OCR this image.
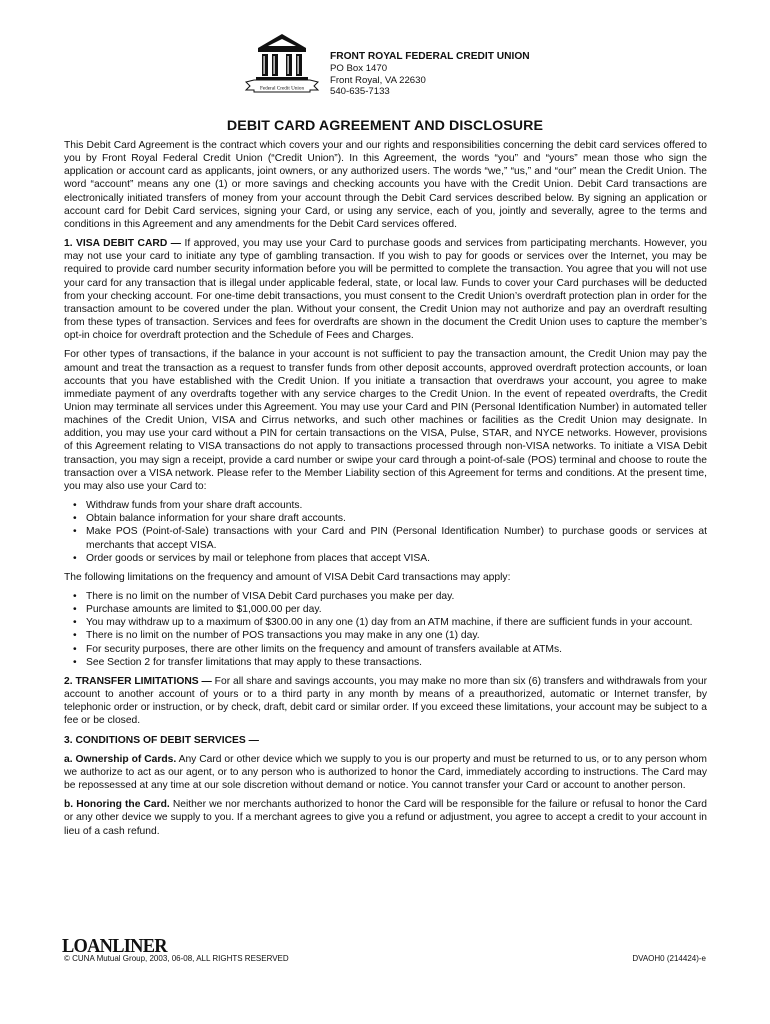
Federal Credit Union
FRONT ROYAL FEDERAL CREDIT UNION
PO Box 1470
Front Royal, VA 22630
540-635-7133
DEBIT CARD AGREEMENT AND DISCLOSURE

This Debit Card Agreement is the contract which covers your and our rights and responsibilities concerning the debit card services offered to you by Front Royal Federal Credit Union (“Credit Union”). In this Agreement, the words “you” and “yours” mean those who sign the application or account card as applicants, joint owners, or any authorized users. The words “we,” “us,” and “our” mean the Credit Union. The word “account” means any one (1) or more savings and checking accounts you have with the Credit Union. Debit Card transactions are electronically initiated transfers of money from your account through the Debit Card services described below. By signing an application or account card for Debit Card services, signing your Card, or using any service, each of you, jointly and severally, agree to the terms and conditions in this Agreement and any amendments for the Debit Card services offered.

1. VISA DEBIT CARD — If approved, you may use your Card to purchase goods and services from participating merchants. However, you may not use your card to initiate any type of gambling transaction. If you wish to pay for goods or services over the Internet, you may be required to provide card number security information before you will be permitted to complete the transaction. You agree that you will not use your card for any transaction that is illegal under applicable federal, state, or local law. Funds to cover your Card purchases will be deducted from your checking account. For one-time debit transactions, you must consent to the Credit Union’s overdraft protection plan in order for the transaction amount to be covered under the plan. Without your consent, the Credit Union may not authorize and pay an overdraft resulting from these types of transaction. Services and fees for overdrafts are shown in the document the Credit Union uses to capture the member’s opt-in choice for overdraft protection and the Schedule of Fees and Charges.

For other types of transactions, if the balance in your account is not sufficient to pay the transaction amount, the Credit Union may pay the amount and treat the transaction as a request to transfer funds from other deposit accounts, approved overdraft protection accounts, or loan accounts that you have established with the Credit Union. If you initiate a transaction that overdraws your account, you agree to make immediate payment of any overdrafts together with any service charges to the Credit Union. In the event of repeated overdrafts, the Credit Union may terminate all services under this Agreement. You may use your Card and PIN (Personal Identification Number) in automated teller machines of the Credit Union, VISA and Cirrus networks, and such other machines or facilities as the Credit Union may designate. In addition, you may use your card without a PIN for certain transactions on the VISA, Pulse, STAR, and NYCE networks. However, provisions of this Agreement relating to VISA transactions do not apply to transactions processed through non-VISA networks. To initiate a VISA Debit transaction, you may sign a receipt, provide a card number or swipe your card through a point-of-sale (POS) terminal and choose to route the transaction over a VISA network. Please refer to the Member Liability section of this Agreement for terms and conditions. At the present time, you may also use your Card to:

• Withdraw funds from your share draft accounts.
• Obtain balance information for your share draft accounts.
• Make POS (Point-of-Sale) transactions with your Card and PIN (Personal Identification Number) to purchase goods or services at merchants that accept VISA.
• Order goods or services by mail or telephone from places that accept VISA.

The following limitations on the frequency and amount of VISA Debit Card transactions may apply:

• There is no limit on the number of VISA Debit Card purchases you make per day.
• Purchase amounts are limited to $1,000.00 per day.
• You may withdraw up to a maximum of $300.00 in any one (1) day from an ATM machine, if there are sufficient funds in your account.
• There is no limit on the number of POS transactions you may make in any one (1) day.
• For security purposes, there are other limits on the frequency and amount of transfers available at ATMs.
• See Section 2 for transfer limitations that may apply to these transactions.

2. TRANSFER LIMITATIONS — For all share and savings accounts, you may make no more than six (6) transfers and withdrawals from your account to another account of yours or to a third party in any month by means of a preauthorized, automatic or Internet transfer, by telephonic order or instruction, or by check, draft, debit card or similar order. If you exceed these limitations, your account may be subject to a fee or be closed.

3. CONDITIONS OF DEBIT SERVICES —

a. Ownership of Cards. Any Card or other device which we supply to you is our property and must be returned to us, or to any person whom we authorize to act as our agent, or to any person who is authorized to honor the Card, immediately according to instructions. The Card may be repossessed at any time at our sole discretion without demand or notice. You cannot transfer your Card or account to another person.

b. Honoring the Card. Neither we nor merchants authorized to honor the Card will be responsible for the failure or refusal to honor the Card or any other device we supply to you. If a merchant agrees to give you a refund or adjustment, you agree to accept a credit to your account in lieu of a cash refund.

LOANLINER
© CUNA Mutual Group, 2003, 06-08, ALL RIGHTS RESERVED	DVAOH0 (214424)-e
